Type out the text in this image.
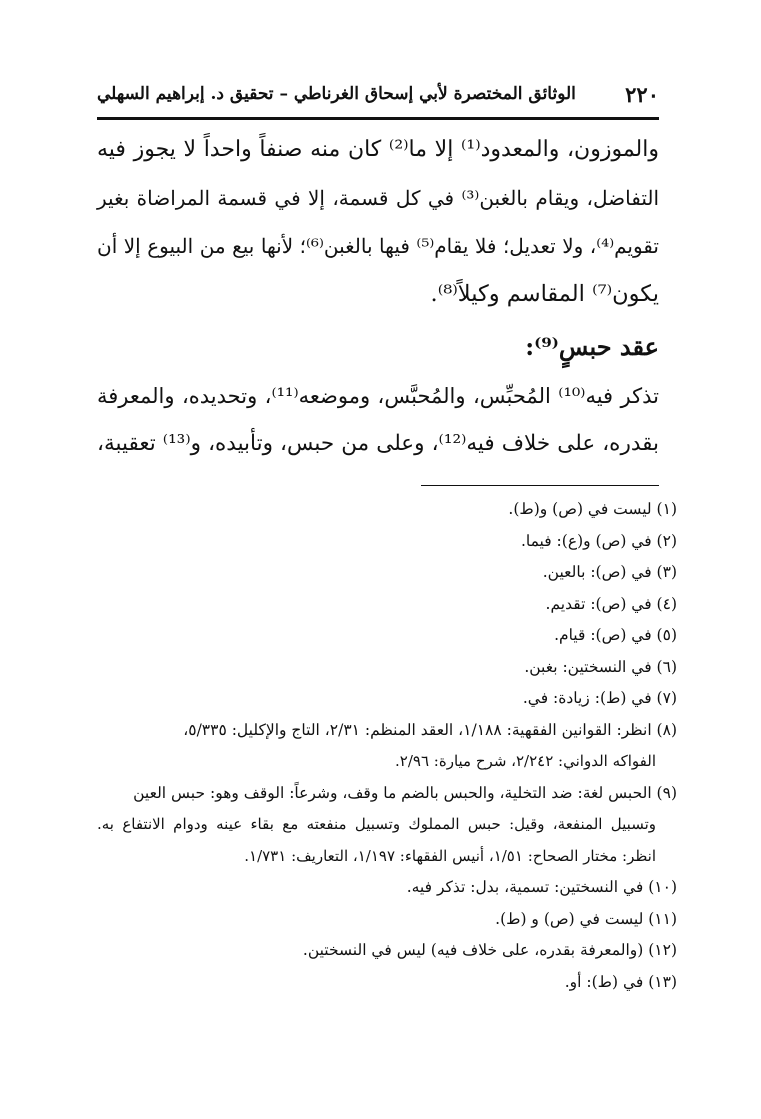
٢٢٠
الوثائق المختصرة لأبي إسحاق الغرناطي – تحقيق د. إبراهيم السهلي
والموزون، والمعدود⁽¹⁾ إلا ما⁽²⁾ كان منه صنفاً واحداً لا يجوز فيه
التفاضل، ويقام بالغبن⁽³⁾ في كل قسمة، إلا في قسمة المراضاة بغير
تقويم⁽⁴⁾، ولا تعديل؛ فلا يقام⁽⁵⁾ فيها بالغبن⁽⁶⁾؛ لأنها بيع من البيوع إلا أن
يكون⁽⁷⁾ المقاسم وكيلاً⁽⁸⁾.
عقد حبسٍ⁽⁹⁾:
تذكر فيه⁽¹⁰⁾ المُحبِّس، والمُحبَّس، وموضعه⁽¹¹⁾، وتحديده، والمعرفة
بقدره، على خلاف فيه⁽¹²⁾، وعلى من حبس، وتأبيده، و⁽¹³⁾ تعقيبة،
(١) ليست في (ص) و(ط).
(٢) في (ص) و(ع): فيما.
(٣) في (ص): بالعين.
(٤) في (ص): تقديم.
(٥) في (ص): قيام.
(٦) في النسختين: بغبن.
(٧) في (ط): زيادة: في.
(٨) انظر: القوانين الفقهية: ١/١٨٨، العقد المنظم: ٢/٣١، التاج والإكليل: ٥/٣٣٥،
الفواكه الدواني: ٢/٢٤٢، شرح ميارة: ٢/٩٦.
(٩) الحبس لغة: ضد التخلية، والحبس بالضم ما وقف، وشرعاً: الوقف وهو: حبس العين
وتسبيل المنفعة، وقيل: حبس المملوك وتسبيل منفعته مع بقاء عينه ودوام الانتفاع به.
انظر: مختار الصحاح: ١/٥١، أنيس الفقهاء: ١/١٩٧، التعاريف: ١/٧٣١.
(١٠) في النسختين: تسمية، بدل: تذكر فيه.
(١١) ليست في (ص) و (ط).
(١٢) (والمعرفة بقدره، على خلاف فيه) ليس في النسختين.
(١٣) في (ط): أو.
